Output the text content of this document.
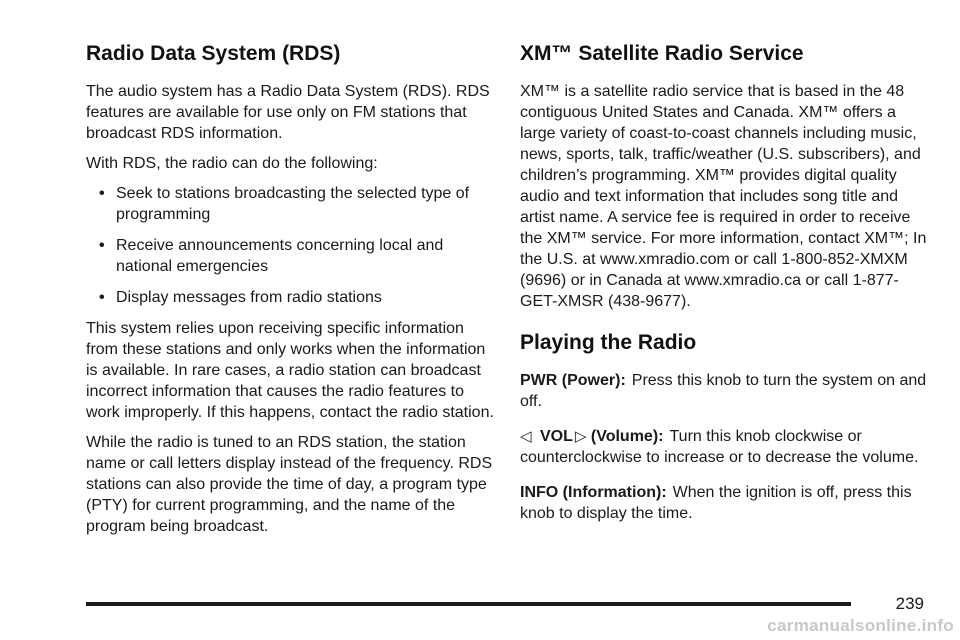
Radio Data System (RDS)

The audio system has a Radio Data System (RDS). RDS features are available for use only on FM stations that broadcast RDS information.

With RDS, the radio can do the following:

• Seek to stations broadcasting the selected type of programming
• Receive announcements concerning local and national emergencies
• Display messages from radio stations

This system relies upon receiving specific information from these stations and only works when the information is available. In rare cases, a radio station can broadcast incorrect information that causes the radio features to work improperly. If this happens, contact the radio station.

While the radio is tuned to an RDS station, the station name or call letters display instead of the frequency. RDS stations can also provide the time of day, a program type (PTY) for current programming, and the name of the program being broadcast.

XM™ Satellite Radio Service

XM™ is a satellite radio service that is based in the 48 contiguous United States and Canada. XM™ offers a large variety of coast-to-coast channels including music, news, sports, talk, traffic/weather (U.S. subscribers), and children’s programming. XM™ provides digital quality audio and text information that includes song title and artist name. A service fee is required in order to receive the XM™ service. For more information, contact XM™; In the U.S. at www.xmradio.com or call 1-800-852-XMXM (9696) or in Canada at www.xmradio.ca or call 1-877-GET-XMSR (438-9677).

Playing the Radio

PWR (Power): Press this knob to turn the system on and off.

◁ VOL ▷ (Volume): Turn this knob clockwise or counterclockwise to increase or to decrease the volume.

INFO (Information): When the ignition is off, press this knob to display the time.

239
carmanualsonline.info
